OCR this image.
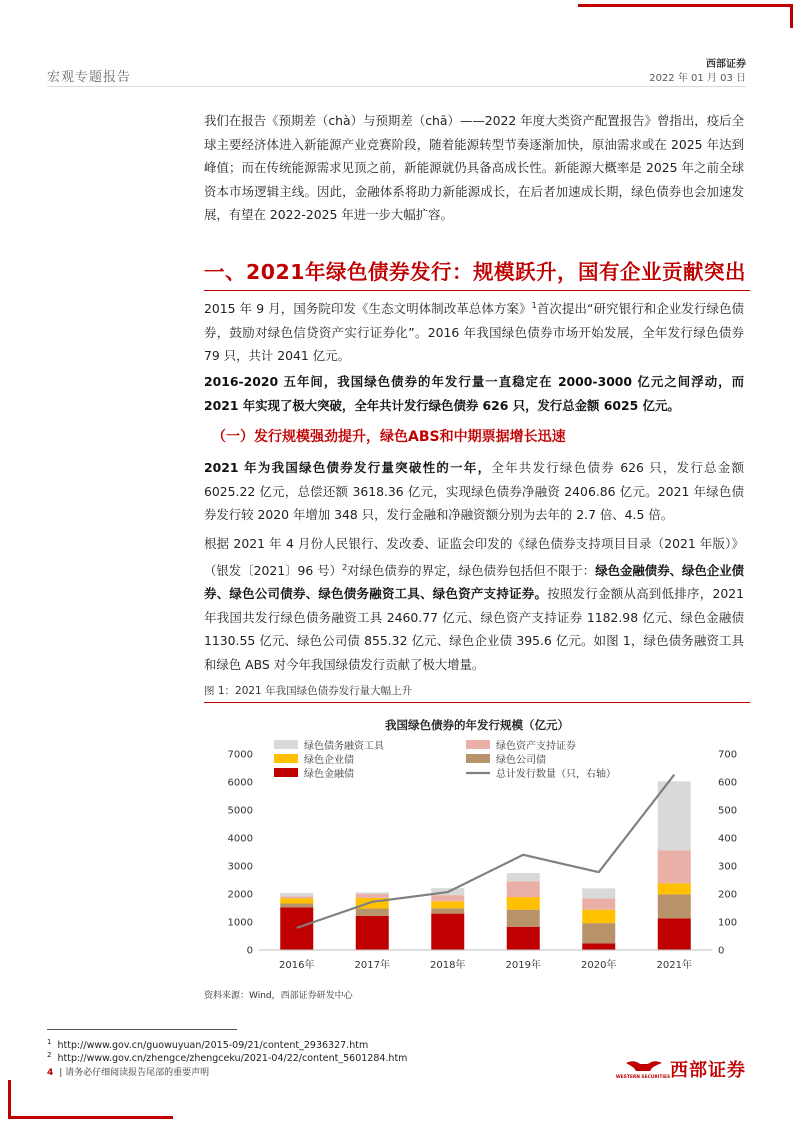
宏观专题报告
西部证券
2022 年 01 月 03 日

我们在报告《预期差（chà）与预期差（chā）——2022 年度大类资产配置报告》曾指出，疫后全球主要经济体进入新能源产业竞赛阶段，随着能源转型节奏逐渐加快，原油需求或在 2025 年达到峰值；而在传统能源需求见顶之前，新能源就仍具备高成长性。新能源大概率是 2025 年之前全球资本市场逻辑主线。因此，金融体系将助力新能源成长，在后者加速成长期，绿色债券也会加速发展，有望在 2022-2025 年进一步大幅扩容。

一、2021年绿色债券发行：规模跃升，国有企业贡献突出

2015 年 9 月，国务院印发《生态文明体制改革总体方案》$^1$首次提出“研究银行和企业发行绿色债券，鼓励对绿色信贷资产实行证券化”。2016 年我国绿色债券市场开始发展，全年发行绿色债券 79 只，共计 2041 亿元。

2016-2020 五年间，我国绿色债券的年发行量一直稳定在 2000-3000 亿元之间浮动，而 2021 年实现了极大突破，全年共计发行绿色债券 626 只，发行总金额 6025 亿元。

（一）发行规模强劲提升，绿色ABS和中期票据增长迅速

2021 年为我国绿色债券发行量突破性的一年，全年共发行绿色债券 626 只，发行总金额 6025.22 亿元，总偿还额 3618.36 亿元，实现绿色债券净融资 2406.86 亿元。2021 年绿色债券发行较 2020 年增加 348 只，发行金融和净融资额分别为去年的 2.7 倍、4.5 倍。

根据 2021 年 4 月份人民银行、发改委、证监会印发的《绿色债券支持项目目录（2021 年版）》（银发〔2021〕96 号）$^2$对绿色债券的界定，绿色债券包括但不限于：绿色金融债券、绿色企业债券、绿色公司债券、绿色债务融资工具、绿色资产支持证券。按照发行金额从高到低排序，2021 年我国共发行绿色债务融资工具 2460.77 亿元、绿色资产支持证券 1182.98 亿元、绿色金融债 1130.55 亿元、绿色公司债 855.32 亿元、绿色企业债 395.6 亿元。如图 1，绿色债务融资工具和绿色 ABS 对今年我国绿债发行贡献了极大增量。

图 1：2021 年我国绿色债券发行量大幅上升
我国绿色债券的年发行规模（亿元）
0
1000
2000
3000
4000
5000
6000
7000
0
100
200
300
400
500
600
700
2016年	2017年	2018年	2019年	2020年	2021年
绿色债务融资工具	绿色资产支持证券
绿色企业债	绿色公司债
绿色金融债	总计发行数量（只，右轴）
资料来源：Wind，西部证券研发中心
$^1$ http://www.gov.cn/guowuyuan/2015-09/21/content_2936327.htm
$^2$ http://www.gov.cn/zhengce/zhengceku/2021-04/22/content_5601284.htm
4 | 请务必仔细阅读报告尾部的重要声明	WESTERN SECURITIES 西部证券
